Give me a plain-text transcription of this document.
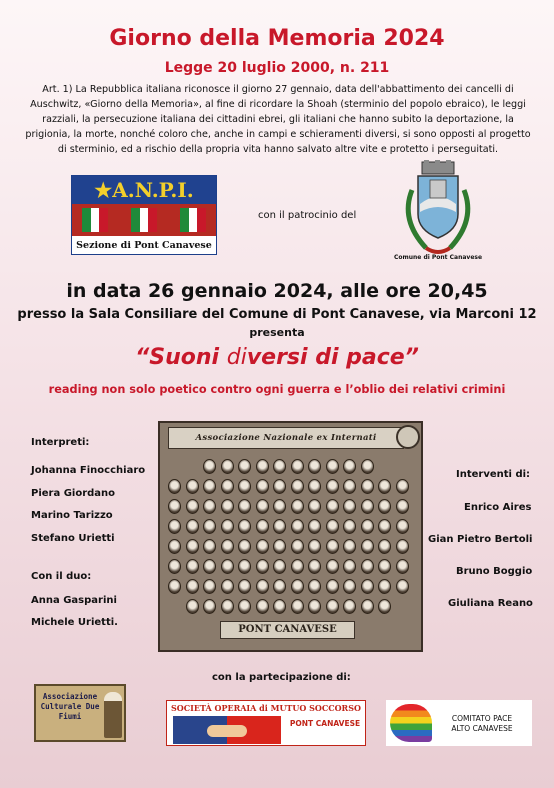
Giorno della Memoria 2024
Legge 20 luglio 2000, n. 211
Art. 1) La Repubblica italiana riconosce il giorno 27 gennaio, data dell'abbattimento dei cancelli di Auschwitz, «Giorno della Memoria», al fine di ricordare la Shoah (sterminio del popolo ebraico), le leggi razziali, la persecuzione italiana dei cittadini ebrei, gli italiani che hanno subito la deportazione, la prigionia, la morte, nonché coloro che, anche in campi e schieramenti diversi, si sono opposti al progetto di sterminio, ed a rischio della propria vita hanno salvato altre vite e protetto i perseguitati.
★A.N.P.I.
Sezione di Pont Canavese
con il patrocinio del
Comune di Pont Canavese
in data 26 gennaio 2024, alle ore 20,45
presso la Sala Consiliare del Comune di Pont Canavese, via Marconi 12
presenta
“Suoni diversi di pace”
reading non solo poetico contro ogni guerra e l’oblio dei relativi crimini
Interpreti:
Johanna Finocchiaro
Piera Giordano
Marino Tarizzo
Stefano Urietti
Con il duo:
Anna Gasparini
Michele Urietti.
Interventi di:
Enrico Aires
Gian Pietro Bertoli
Bruno Boggio
Giuliana Reano
Associazione Nazionale ex Internati
PONT CANAVESE
con la partecipazione di:
Associazione Culturale Due Fiumi
SOCIETÀ OPERAIA di MUTUO SOCCORSO
PONT CANAVESE
COMITATO PACE
ALTO CANAVESE
